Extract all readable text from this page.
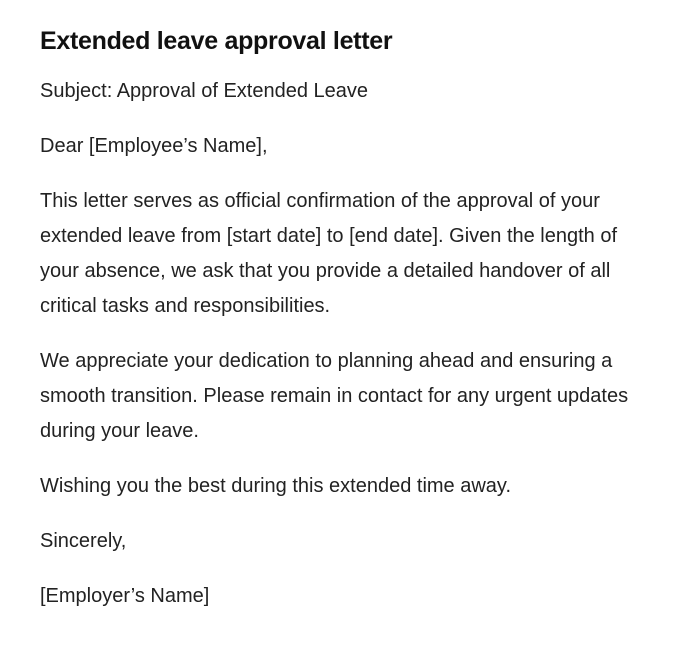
Extended leave approval letter

Subject: Approval of Extended Leave

Dear [Employee’s Name],

This letter serves as official confirmation of the approval of your extended leave from [start date] to [end date]. Given the length of your absence, we ask that you provide a detailed handover of all critical tasks and responsibilities.

We appreciate your dedication to planning ahead and ensuring a smooth transition. Please remain in contact for any urgent updates during your leave.

Wishing you the best during this extended time away.

Sincerely,

[Employer’s Name]
